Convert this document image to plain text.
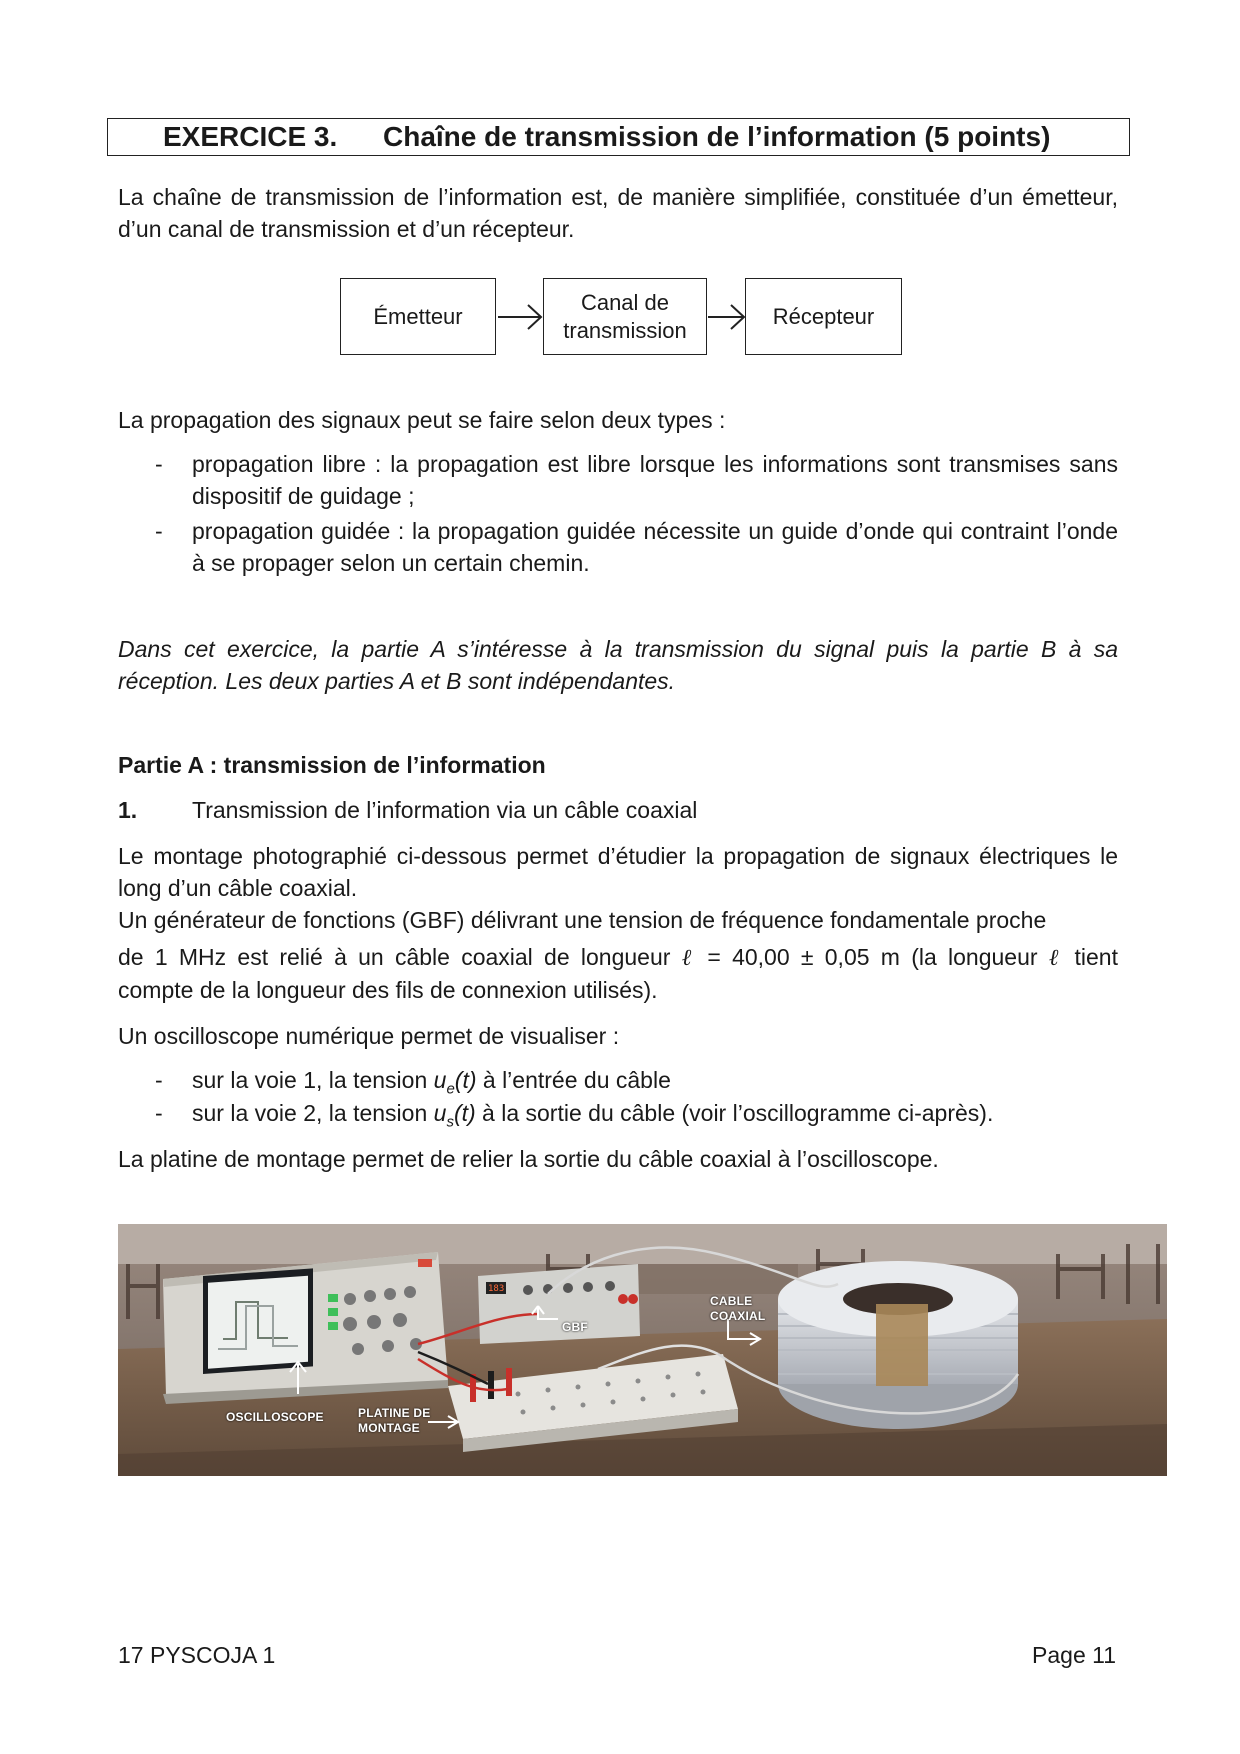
EXERCICE 3.	Chaîne de transmission de l’information (5 points)
La chaîne de transmission de l’information est, de manière simplifiée, constituée d’un émetteur, d’un canal de transmission et d’un récepteur.
Émetteur
Canal de
transmission
Récepteur
La propagation des signaux peut se faire selon deux types :
- propagation libre : la propagation est libre lorsque les informations sont transmises sans dispositif de guidage ;
- propagation guidée : la propagation guidée nécessite un guide d’onde qui contraint l’onde à se propager selon un certain chemin.
Dans cet exercice, la partie A s’intéresse à la transmission du signal puis la partie B à sa réception. Les deux parties A et B sont indépendantes.
Partie A : transmission de l’information
1. Transmission de l’information via un câble coaxial
Le montage photographié ci-dessous permet d’étudier la propagation de signaux électriques le long d’un câble coaxial.
Un générateur de fonctions (GBF) délivrant une tension de fréquence fondamentale proche
de 1 MHz est relié à un câble coaxial de longueur ℓ = 40,00 ± 0,05 m (la longueur ℓ tient
compte de la longueur des fils de connexion utilisés).
Un oscilloscope numérique permet de visualiser :
- sur la voie 1, la tension $u_e(t)$ à l’entrée du câble
- sur la voie 2, la tension $u_s(t)$ à la sortie du câble (voir l’oscillogramme ci-après).
La platine de montage permet de relier la sortie du câble coaxial à l’oscilloscope.
183
OSCILLOSCOPE	PLATINE DE
MONTAGE
GBF
CABLE
COAXIAL
17 PYSCOJA 1	Page 11
